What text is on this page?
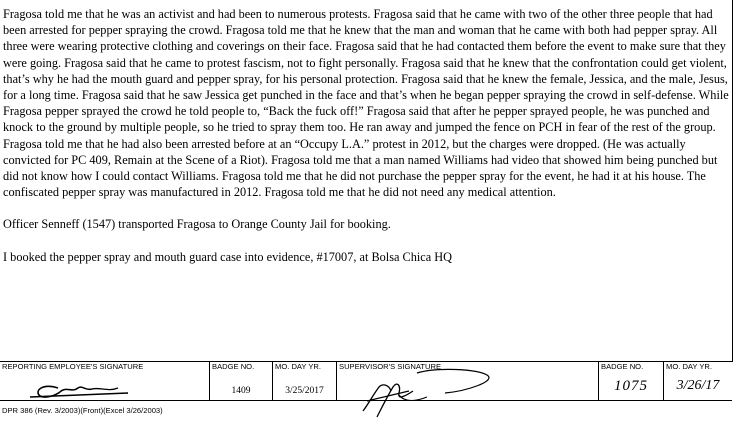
Fragosa told me that he was an activist and had been to numerous protests. Fragosa said that he came with two of the other three people that had been arrested for pepper spraying the crowd. Fragosa told me that he knew that the man and woman that he came with both had pepper spray. All three were wearing protective clothing and coverings on their face. Fragosa said that he had contacted them before the event to make sure that they were going. Fragosa said that he came to protest fascism, not to fight personally. Fragosa said that he knew that the confrontation could get violent, that’s why he had the mouth guard and pepper spray, for his personal protection. Fragosa said that he knew the female, Jessica, and the male, Jesus, for a long time. Fragosa said that he saw Jessica get punched in the face and that’s when he began pepper spraying the crowd in self-defense. While Fragosa pepper sprayed the crowd he told people to, “Back the fuck off!” Fragosa said that after he pepper sprayed people, he was punched and knock to the ground by multiple people, so he tried to spray them too. He ran away and jumped the fence on PCH in fear of the rest of the group. Fragosa told me that he had also been arrested before at an “Occupy L.A.” protest in 2012, but the charges were dropped. (He was actually convicted for PC 409, Remain at the Scene of a Riot). Fragosa told me that a man named Williams had video that showed him being punched but did not know how I could contact Williams. Fragosa told me that he did not purchase the pepper spray for the event, he had it at his house. The confiscated pepper spray was manufactured in 2012. Fragosa told me that he did not need any medical attention.

Officer Senneff (1547) transported Fragosa to Orange County Jail for booking.

I booked the pepper spray and mouth guard case into evidence, #17007, at Bolsa Chica HQ

REPORTING EMPLOYEE'S SIGNATURE	BADGE NO.
1409
MO. DAY YR.
3/25/2017
SUPERVISOR'S SIGNATURE	BADGE NO.
1075
MO. DAY YR.
3/26/17
DPR 386 (Rev. 3/2003)(Front)(Excel 3/26/2003)
